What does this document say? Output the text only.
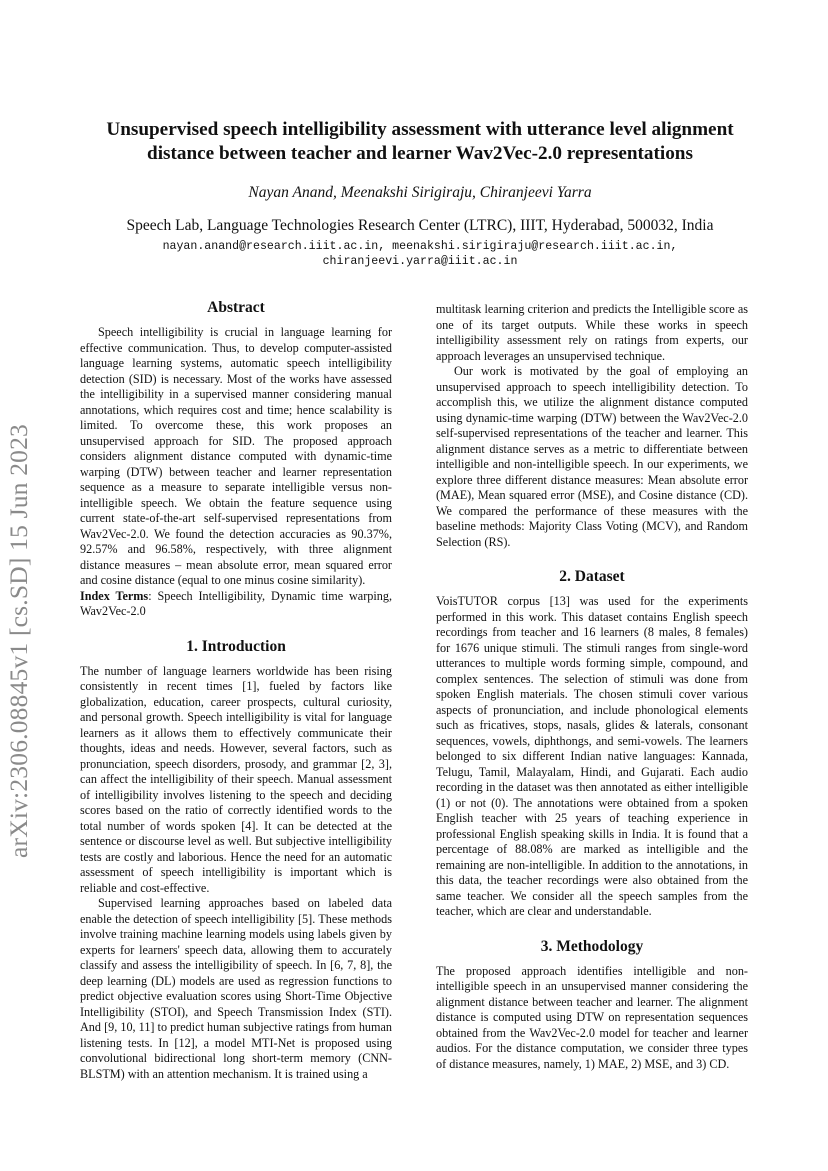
arXiv:2306.08845v1 [cs.SD] 15 Jun 2023
Unsupervised speech intelligibility assessment with utterance level alignment
distance between teacher and learner Wav2Vec-2.0 representations
Nayan Anand, Meenakshi Sirigiraju, Chiranjeevi Yarra
Speech Lab, Language Technologies Research Center (LTRC), IIIT, Hyderabad, 500032, India
nayan.anand@research.iiit.ac.in, meenakshi.sirigiraju@research.iiit.ac.in,
chiranjeevi.yarra@iiit.ac.in
Abstract

Speech intelligibility is crucial in language learning for effective communication. Thus, to develop computer-assisted language learning systems, automatic speech intelligibility detection (SID) is necessary. Most of the works have assessed the intelligibility in a supervised manner considering manual annotations, which requires cost and time; hence scalability is limited. To overcome these, this work proposes an unsupervised approach for SID. The proposed approach considers alignment distance computed with dynamic-time warping (DTW) between teacher and learner representation sequence as a measure to separate intelligible versus non-intelligible speech. We obtain the feature sequence using current state-of-the-art self-supervised representations from Wav2Vec-2.0. We found the detection accuracies as 90.37%, 92.57% and 96.58%, respectively, with three alignment distance measures – mean absolute error, mean squared error and cosine distance (equal to one minus cosine similarity).

Index Terms: Speech Intelligibility, Dynamic time warping, Wav2Vec-2.0

1. Introduction

The number of language learners worldwide has been rising consistently in recent times [1], fueled by factors like globalization, education, career prospects, cultural curiosity, and personal growth. Speech intelligibility is vital for language learners as it allows them to effectively communicate their thoughts, ideas and needs. However, several factors, such as pronunciation, speech disorders, prosody, and grammar [2, 3], can affect the intelligibility of their speech. Manual assessment of intelligibility involves listening to the speech and deciding scores based on the ratio of correctly identified words to the total number of words spoken [4]. It can be detected at the sentence or discourse level as well. But subjective intelligibility tests are costly and laborious. Hence the need for an automatic assessment of speech intelligibility is important which is reliable and cost-effective.

Supervised learning approaches based on labeled data enable the detection of speech intelligibility [5]. These methods involve training machine learning models using labels given by experts for learners' speech data, allowing them to accurately classify and assess the intelligibility of speech. In [6, 7, 8], the deep learning (DL) models are used as regression functions to predict objective evaluation scores using Short-Time Objective Intelligibility (STOI), and Speech Transmission Index (STI). And [9, 10, 11] to predict human subjective ratings from human listening tests. In [12], a model MTI-Net is proposed using convolutional bidirectional long short-term memory (CNN-BLSTM) with an attention mechanism. It is trained using a

multitask learning criterion and predicts the Intelligible score as one of its target outputs. While these works in speech intelligibility assessment rely on ratings from experts, our approach leverages an unsupervised technique.

Our work is motivated by the goal of employing an unsupervised approach to speech intelligibility detection. To accomplish this, we utilize the alignment distance computed using dynamic-time warping (DTW) between the Wav2Vec-2.0 self-supervised representations of the teacher and learner. This alignment distance serves as a metric to differentiate between intelligible and non-intelligible speech. In our experiments, we explore three different distance measures: Mean absolute error (MAE), Mean squared error (MSE), and Cosine distance (CD). We compared the performance of these measures with the baseline methods: Majority Class Voting (MCV), and Random Selection (RS).

2. Dataset

VoisTUTOR corpus [13] was used for the experiments performed in this work. This dataset contains English speech recordings from teacher and 16 learners (8 males, 8 females) for 1676 unique stimuli. The stimuli ranges from single-word utterances to multiple words forming simple, compound, and complex sentences. The selection of stimuli was done from spoken English materials. The chosen stimuli cover various aspects of pronunciation, and include phonological elements such as fricatives, stops, nasals, glides & laterals, consonant sequences, vowels, diphthongs, and semi-vowels. The learners belonged to six different Indian native languages: Kannada, Telugu, Tamil, Malayalam, Hindi, and Gujarati. Each audio recording in the dataset was then annotated as either intelligible (1) or not (0). The annotations were obtained from a spoken English teacher with 25 years of teaching experience in professional English speaking skills in India. It is found that a percentage of 88.08% are marked as intelligible and the remaining are non-intelligible. In addition to the annotations, in this data, the teacher recordings were also obtained from the same teacher. We consider all the speech samples from the teacher, which are clear and understandable.

3. Methodology

The proposed approach identifies intelligible and non-intelligible speech in an unsupervised manner considering the alignment distance between teacher and learner. The alignment distance is computed using DTW on representation sequences obtained from the Wav2Vec-2.0 model for teacher and learner audios. For the distance computation, we consider three types of distance measures, namely, 1) MAE, 2) MSE, and 3) CD.
